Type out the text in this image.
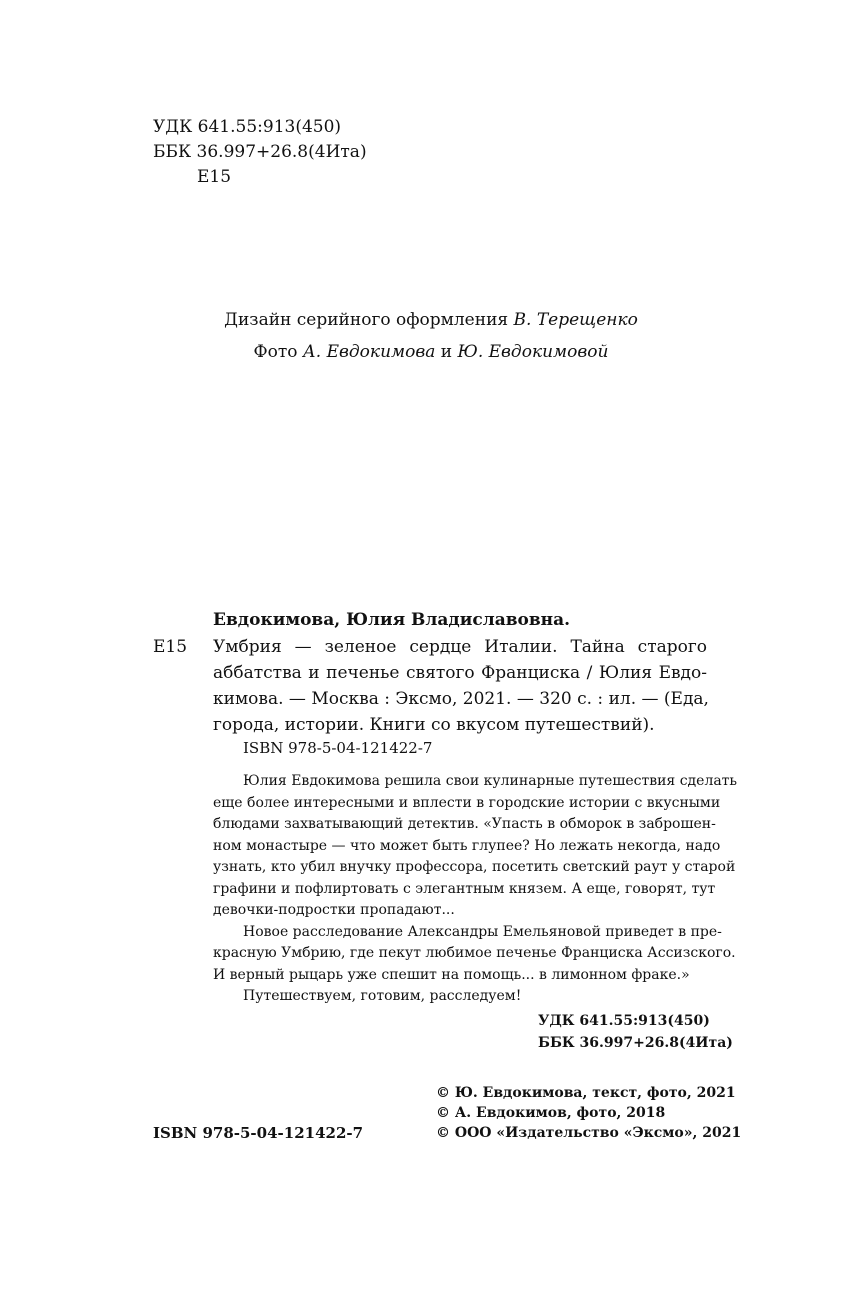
УДК 641.55:913(450)
ББК 36.997+26.8(4Ита)
Е15
Дизайн серийного оформления В. Терещенко
Фото А. Евдокимова и Ю. Евдокимовой
Евдокимова, Юлия Владиславовна.
Е15 Умбрия — зеленое сердце Италии. Тайна старого
аббатства и печенье святого Франциска / Юлия Евдо-
кимова. — Москва : Эксмо, 2021. — 320 с. : ил. — (Еда,
города, истории. Книги со вкусом путешествий).
ISBN 978-5-04-121422-7
Юлия Евдокимова решила свои кулинарные путешествия сделать
еще более интересными и вплести в городские истории с вкусными
блюдами захватывающий детектив. «Упасть в обморок в заброшен-
ном монастыре — что может быть глупее? Но лежать некогда, надо
узнать, кто убил внучку профессора, посетить светский раут у старой
графини и пофлиртовать с элегантным князем. А еще, говорят, тут
девочки-подростки пропадают...
Новое расследование Александры Емельяновой приведет в пре-
красную Умбрию, где пекут любимое печенье Франциска Ассизского.
И верный рыцарь уже спешит на помощь... в лимонном фраке.»
Путешествуем, готовим, расследуем!
УДК 641.55:913(450)
ББК 36.997+26.8(4Ита)
ISBN 978-5-04-121422-7
© Ю. Евдокимова, текст, фото, 2021
© А. Евдокимов, фото, 2018
© ООО «Издательство «Эксмо», 2021
